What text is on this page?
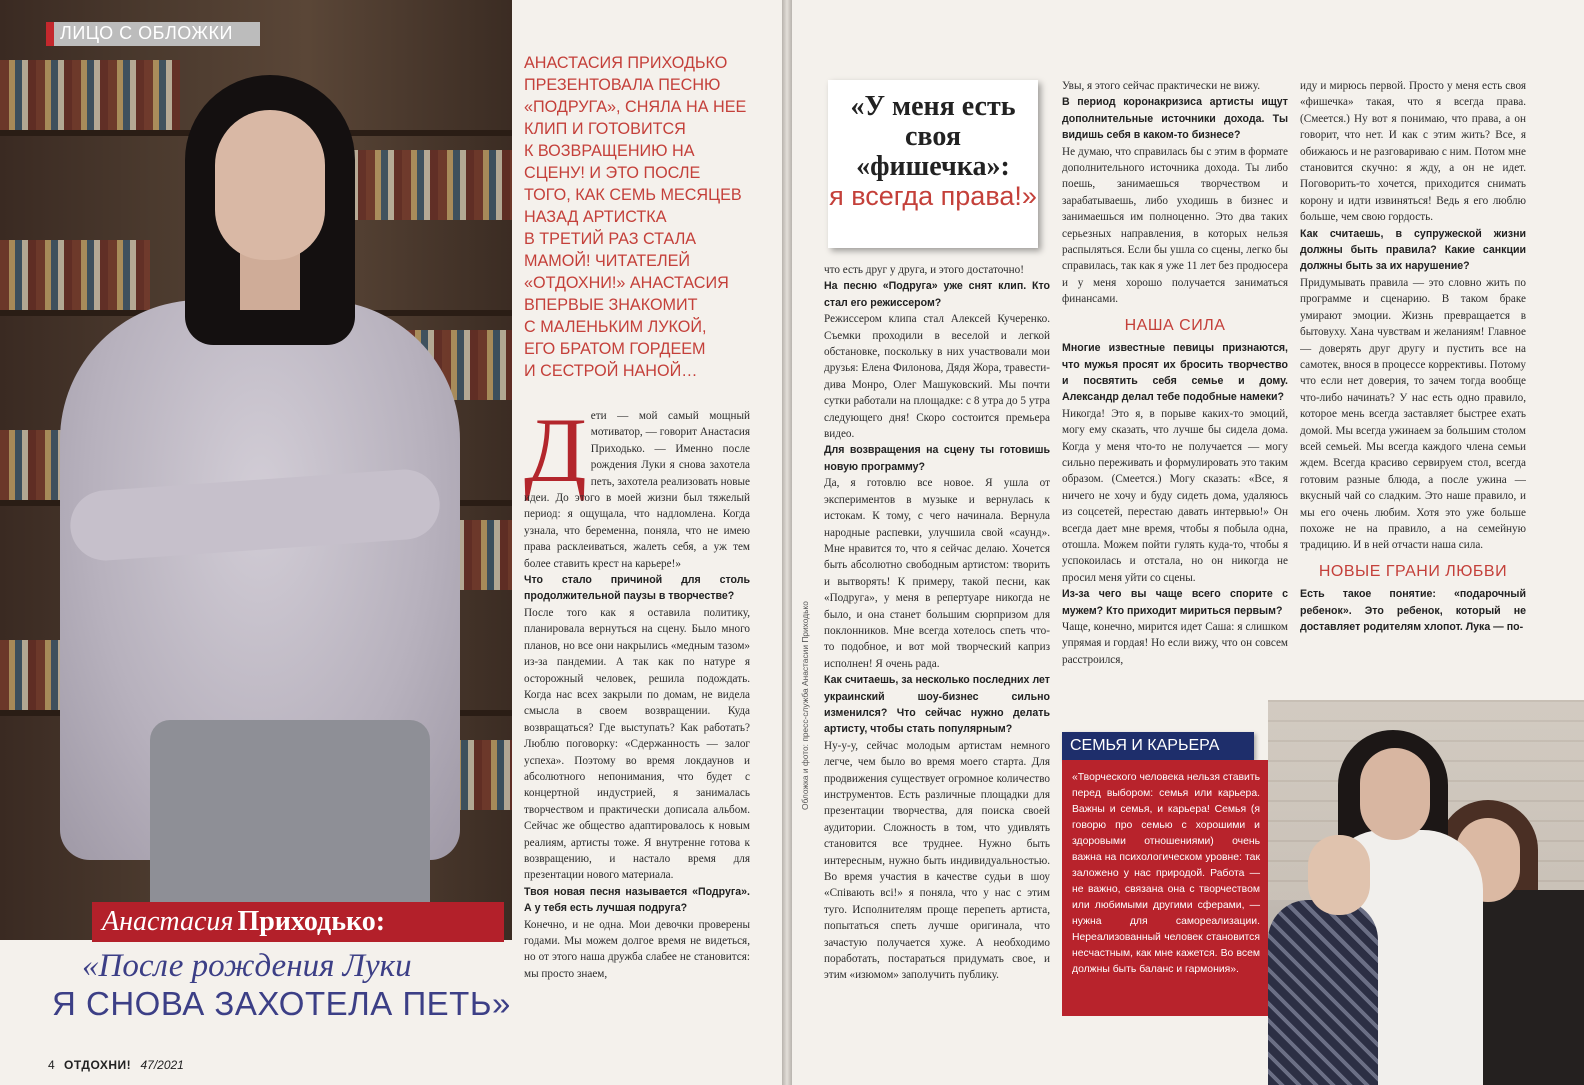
ЛИЦО С ОБЛОЖКИ
Анастасия Приходько:
«После рождения Луки
Я СНОВА ЗАХОТЕЛА ПЕТЬ»

АНАСТАСИЯ ПРИХОДЬКО

ПРЕЗЕНТОВАЛА ПЕСНЮ

«ПОДРУГА», СНЯЛА НА НЕЕ

КЛИП И ГОТОВИТСЯ

К ВОЗВРАЩЕНИЮ НА

СЦЕНУ! И ЭТО ПОСЛЕ

ТОГО, КАК СЕМЬ МЕСЯЦЕВ

НАЗАД АРТИСТКА

В ТРЕТИЙ РАЗ СТАЛА

МАМОЙ! ЧИТАТЕЛЕЙ

«ОТДОХНИ!» АНАСТАСИЯ

ВПЕРВЫЕ ЗНАКОМИТ

С МАЛЕНЬКИМ ЛУКОЙ,

ЕГО БРАТОМ ГОРДЕЕМ

И СЕСТРОЙ НАНОЙ…

Д ети — мой самый мощный мотиватор, — говорит Анастасия Приходько. — Именно после рождения Луки я снова захотела петь, захотела реализовать новые идеи. До этого в моей жизни был тяжелый период: я ощущала, что надломлена. Когда узнала, что беременна, поняла, что не имею права расклеиваться, жалеть себя, а уж тем более ставить крест на карьере!»

Что стало причиной для столь продолжительной паузы в творчестве?

После того как я оставила политику, планировала вернуться на сцену. Было много планов, но все они накрылись «медным тазом» из-за пандемии. А так как по натуре я осторожный человек, решила подождать. Когда нас всех закрыли по домам, не видела смысла в своем возвращении. Куда возвращаться? Где выступать? Как работать? Люблю поговорку: «Сдержанность — залог успеха». Поэтому во время локдаунов и абсолютного непонимания, что будет с концертной индустрией, я занималась творчеством и практически дописала альбом. Сейчас же общество адаптировалось к новым реалиям, артисты тоже. Я внутренне готова к возвращению, и настало время для презентации нового материала.

Твоя новая песня называется «Подруга». А у тебя есть лучшая подруга?

Конечно, и не одна. Мои девочки проверены годами. Мы можем долгое время не видеться, но от этого наша дружба слабее не становится: мы просто знаем,

4 ОТДОХНИ! 47/2021
«У меня есть своя «фишечка»:
я всегда права!»
Обложка и фото: пресс-служба Анастасии Приходько

что есть друг у друга, и этого достаточно!

На песню «Подруга» уже снят клип. Кто стал его режиссером?

Режиссером клипа стал Алексей Кучеренко. Съемки проходили в веселой и легкой обстановке, поскольку в них участвовали мои друзья: Елена Филонова, Дядя Жора, травести-дива Монро, Олег Машуковский. Мы почти сутки работали на площадке: с 8 утра до 5 утра следующего дня! Скоро состоится премьера видео.

Для возвращения на сцену ты готовишь новую программу?

Да, я готовлю все новое. Я ушла от экспериментов в музыке и вернулась к истокам. К тому, с чего начинала. Вернула народные распевки, улучшила свой «саунд». Мне нравится то, что я сейчас делаю. Хочется быть абсолютно свободным артистом: творить и вытворять! К примеру, такой песни, как «Подруга», у меня в репертуаре никогда не было, и она станет большим сюрпризом для поклонников. Мне всегда хотелось спеть что-то подобное, и вот мой творческий каприз исполнен! Я очень рада.

Как считаешь, за несколько последних лет украинский шоу-бизнес сильно изменился? Что сейчас нужно делать артисту, чтобы стать популярным?

Ну-у-у, сейчас молодым артистам немного легче, чем было во время моего старта. Для продвижения существует огромное количество инструментов. Есть различные площадки для презентации творчества, для поиска своей аудитории. Сложность в том, что удивлять становится все труднее. Нужно быть интересным, нужно быть индивидуальностью. Во время участия в качестве судьи в шоу «Співають всі!» я поняла, что у нас с этим туго. Исполнителям проще перепеть артиста, попытаться спеть лучше оригинала, что зачастую получается хуже. А необходимо поработать, постараться придумать свое, и этим «изюмом» заполучить публику.

Увы, я этого сейчас практически не вижу.

В период коронакризиса артисты ищут дополнительные источники дохода. Ты видишь себя в каком-то бизнесе?

Не думаю, что справилась бы с этим в формате дополнительного источника дохода. Ты либо поешь, занимаешься творчеством и зарабатываешь, либо уходишь в бизнес и занимаешься им полноценно. Это два таких серьезных направления, в которых нельзя распыляться. Если бы ушла со сцены, легко бы справилась, так как я уже 11 лет без продюсера и у меня хорошо получается заниматься финансами.

НАША СИЛА

Многие известные певицы признаются, что мужья просят их бросить творчество и посвятить себя семье и дому. Александр делал тебе подобные намеки?

Никогда! Это я, в порыве каких-то эмоций, могу ему сказать, что лучше бы сидела дома. Когда у меня что-то не получается — могу сильно переживать и формулировать это таким образом. (Смеется.) Могу сказать: «Все, я ничего не хочу и буду сидеть дома, удаляюсь из соцсетей, перестаю давать интервью!» Он всегда дает мне время, чтобы я побыла одна, отошла. Можем пойти гулять куда-то, чтобы я успокоилась и отстала, но он никогда не просил меня уйти со сцены.

Из-за чего вы чаще всего спорите с мужем? Кто приходит мириться первым?

Чаще, конечно, мирится идет Саша: я слишком упрямая и гордая! Но если вижу, что он совсем расстроился,

иду и мирюсь первой. Просто у меня есть своя «фишечка» такая, что я всегда права. (Смеется.) Ну вот я понимаю, что права, а он говорит, что нет. И как с этим жить? Все, я обижаюсь и не разговариваю с ним. Потом мне становится скучно: я жду, а он не идет. Поговорить-то хочется, приходится снимать корону и идти извиняться! Ведь я его люблю больше, чем свою гордость.

Как считаешь, в супружеской жизни должны быть правила? Какие санкции должны быть за их нарушение?

Придумывать правила — это словно жить по программе и сценарию. В таком браке умирают эмоции. Жизнь превращается в бытовуху. Хана чувствам и желаниям! Главное — доверять друг другу и пустить все на самотек, внося в процессе коррективы. Потому что если нет доверия, то зачем тогда вообще что-либо начинать? У нас есть одно правило, которое мень всегда заставляет быстрее ехать домой. Мы всегда ужинаем за большим столом всей семьей. Мы всегда каждого члена семьи ждем. Всегда красиво сервируем стол, всегда готовим разные блюда, а после ужина — вкусный чай со сладким. Это наше правило, и мы его очень любим. Хотя это уже больше похоже не на правило, а на семейную традицию. И в ней отчасти наша сила.

НОВЫЕ ГРАНИ ЛЮБВИ

Есть такое понятие: «подарочный ребенок». Это ребенок, который не доставляет родителям хлопот. Лука — по-

СЕМЬЯ И КАРЬЕРА

«Творческого человека нельзя ставить перед выбором: семья или карьера. Важны и семья, и карьера! Семья (я говорю про семью с хорошими и здоровыми отношениями) очень важна на психологическом уровне: так заложено у нас природой. Работа — не важно, связана она с творчеством или любимыми другими сферами, — нужна для самореализации. Нереализованный человек становится несчастным, как мне кажется. Во всем должны быть баланс и гармония».
